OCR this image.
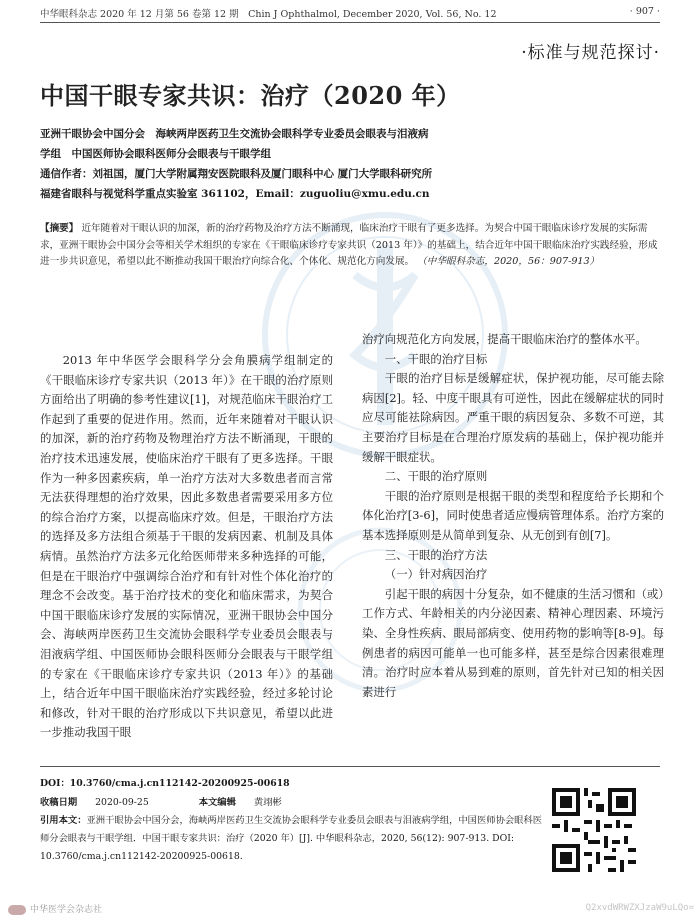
中华眼科杂志 2020 年 12 月第 56 卷第 12 期　Chin J Ophthalmol, December 2020, Vol. 56, No. 12	· 907 ·
·标准与规范探讨·
中国干眼专家共识：治疗（2020 年）
亚洲干眼协会中国分会　海峡两岸医药卫生交流协会眼科学专业委员会眼表与泪液病
学组　中国医师协会眼科医师分会眼表与干眼学组
通信作者：刘祖国，厦门大学附属翔安医院眼科及厦门眼科中心 厦门大学眼科研究所
福建省眼科与视觉科学重点实验室 361102，Email：zuguoliu@xmu.edu.cn
【摘要】 近年随着对干眼认识的加深，新的治疗药物及治疗方法不断涌现，临床治疗干眼有了更多选择。为契合中国干眼临床诊疗发展的实际需求，亚洲干眼协会中国分会等相关学术组织的专家在《干眼临床诊疗专家共识（2013 年）》的基础上，结合近年中国干眼临床治疗实践经验，形成进一步共识意见，希望以此不断推动我国干眼治疗向综合化、个体化、规范化方向发展。 （中华眼科杂志，2020，56：907-913）

2013 年中华医学会眼科学分会角膜病学组制定的《干眼临床诊疗专家共识（2013 年）》在干眼的治疗原则方面给出了明确的参考性建议[1]，对规范临床干眼治疗工作起到了重要的促进作用。然而，近年来随着对干眼认识的加深，新的治疗药物及物理治疗方法不断涌现，干眼的治疗技术迅速发展，使临床治疗干眼有了更多选择。干眼作为一种多因素疾病，单一治疗方法对大多数患者而言常无法获得理想的治疗效果，因此多数患者需要采用多方位的综合治疗方案，以提高临床疗效。但是，干眼治疗方法的选择及多方法组合须基于干眼的发病因素、机制及具体病情。虽然治疗方法多元化给医师带来多种选择的可能，但是在干眼治疗中强调综合治疗和有针对性个体化治疗的理念不会改变。基于治疗技术的变化和临床需求，为契合中国干眼临床诊疗发展的实际情况，亚洲干眼协会中国分会、海峡两岸医药卫生交流协会眼科学专业委员会眼表与泪液病学组、中国医师协会眼科医师分会眼表与干眼学组的专家在《干眼临床诊疗专家共识（2013 年）》的基础上，结合近年中国干眼临床治疗实践经验，经过多轮讨论和修改，针对干眼的治疗形成以下共识意见，希望以此进一步推动我国干眼

治疗向规范化方向发展，提高干眼临床治疗的整体水平。

一、干眼的治疗目标

干眼的治疗目标是缓解症状，保护视功能，尽可能去除病因[2]。轻、中度干眼具有可逆性，因此在缓解症状的同时应尽可能祛除病因。严重干眼的病因复杂、多数不可逆，其主要治疗目标是在合理治疗原发病的基础上，保护视功能并缓解干眼症状。

二、干眼的治疗原则

干眼的治疗原则是根据干眼的类型和程度给予长期和个体化治疗[3-6]，同时使患者适应慢病管理体系。治疗方案的基本选择原则是从简单到复杂、从无创到有创[7]。

三、干眼的治疗方法

（一）针对病因治疗

引起干眼的病因十分复杂，如不健康的生活习惯和（或）工作方式、年龄相关的内分泌因素、精神心理因素、环境污染、全身性疾病、眼局部病变、使用药物的影响等[8-9]。每例患者的病因可能单一也可能多样，甚至是综合因素很难理清。治疗时应本着从易到难的原则，首先针对已知的相关因素进行

DOI：10.3760/cma.j.cn112142-20200925-00618
收稿日期 2020-09-25	本文编辑 黄翊彬
引用本文：亚洲干眼协会中国分会，海峡两岸医药卫生交流协会眼科学专业委员会眼表与泪液病学组，中国医师协会眼科医师分会眼表与干眼学组．中国干眼专家共识：治疗（2020 年）[J]. 中华眼科杂志，2020, 56(12): 907-913. DOI: 10.3760/cma.j.cn112142-20200925-00618.
中华医学会杂志社	Q2xvdWRWZXJzaW9uLQo=
